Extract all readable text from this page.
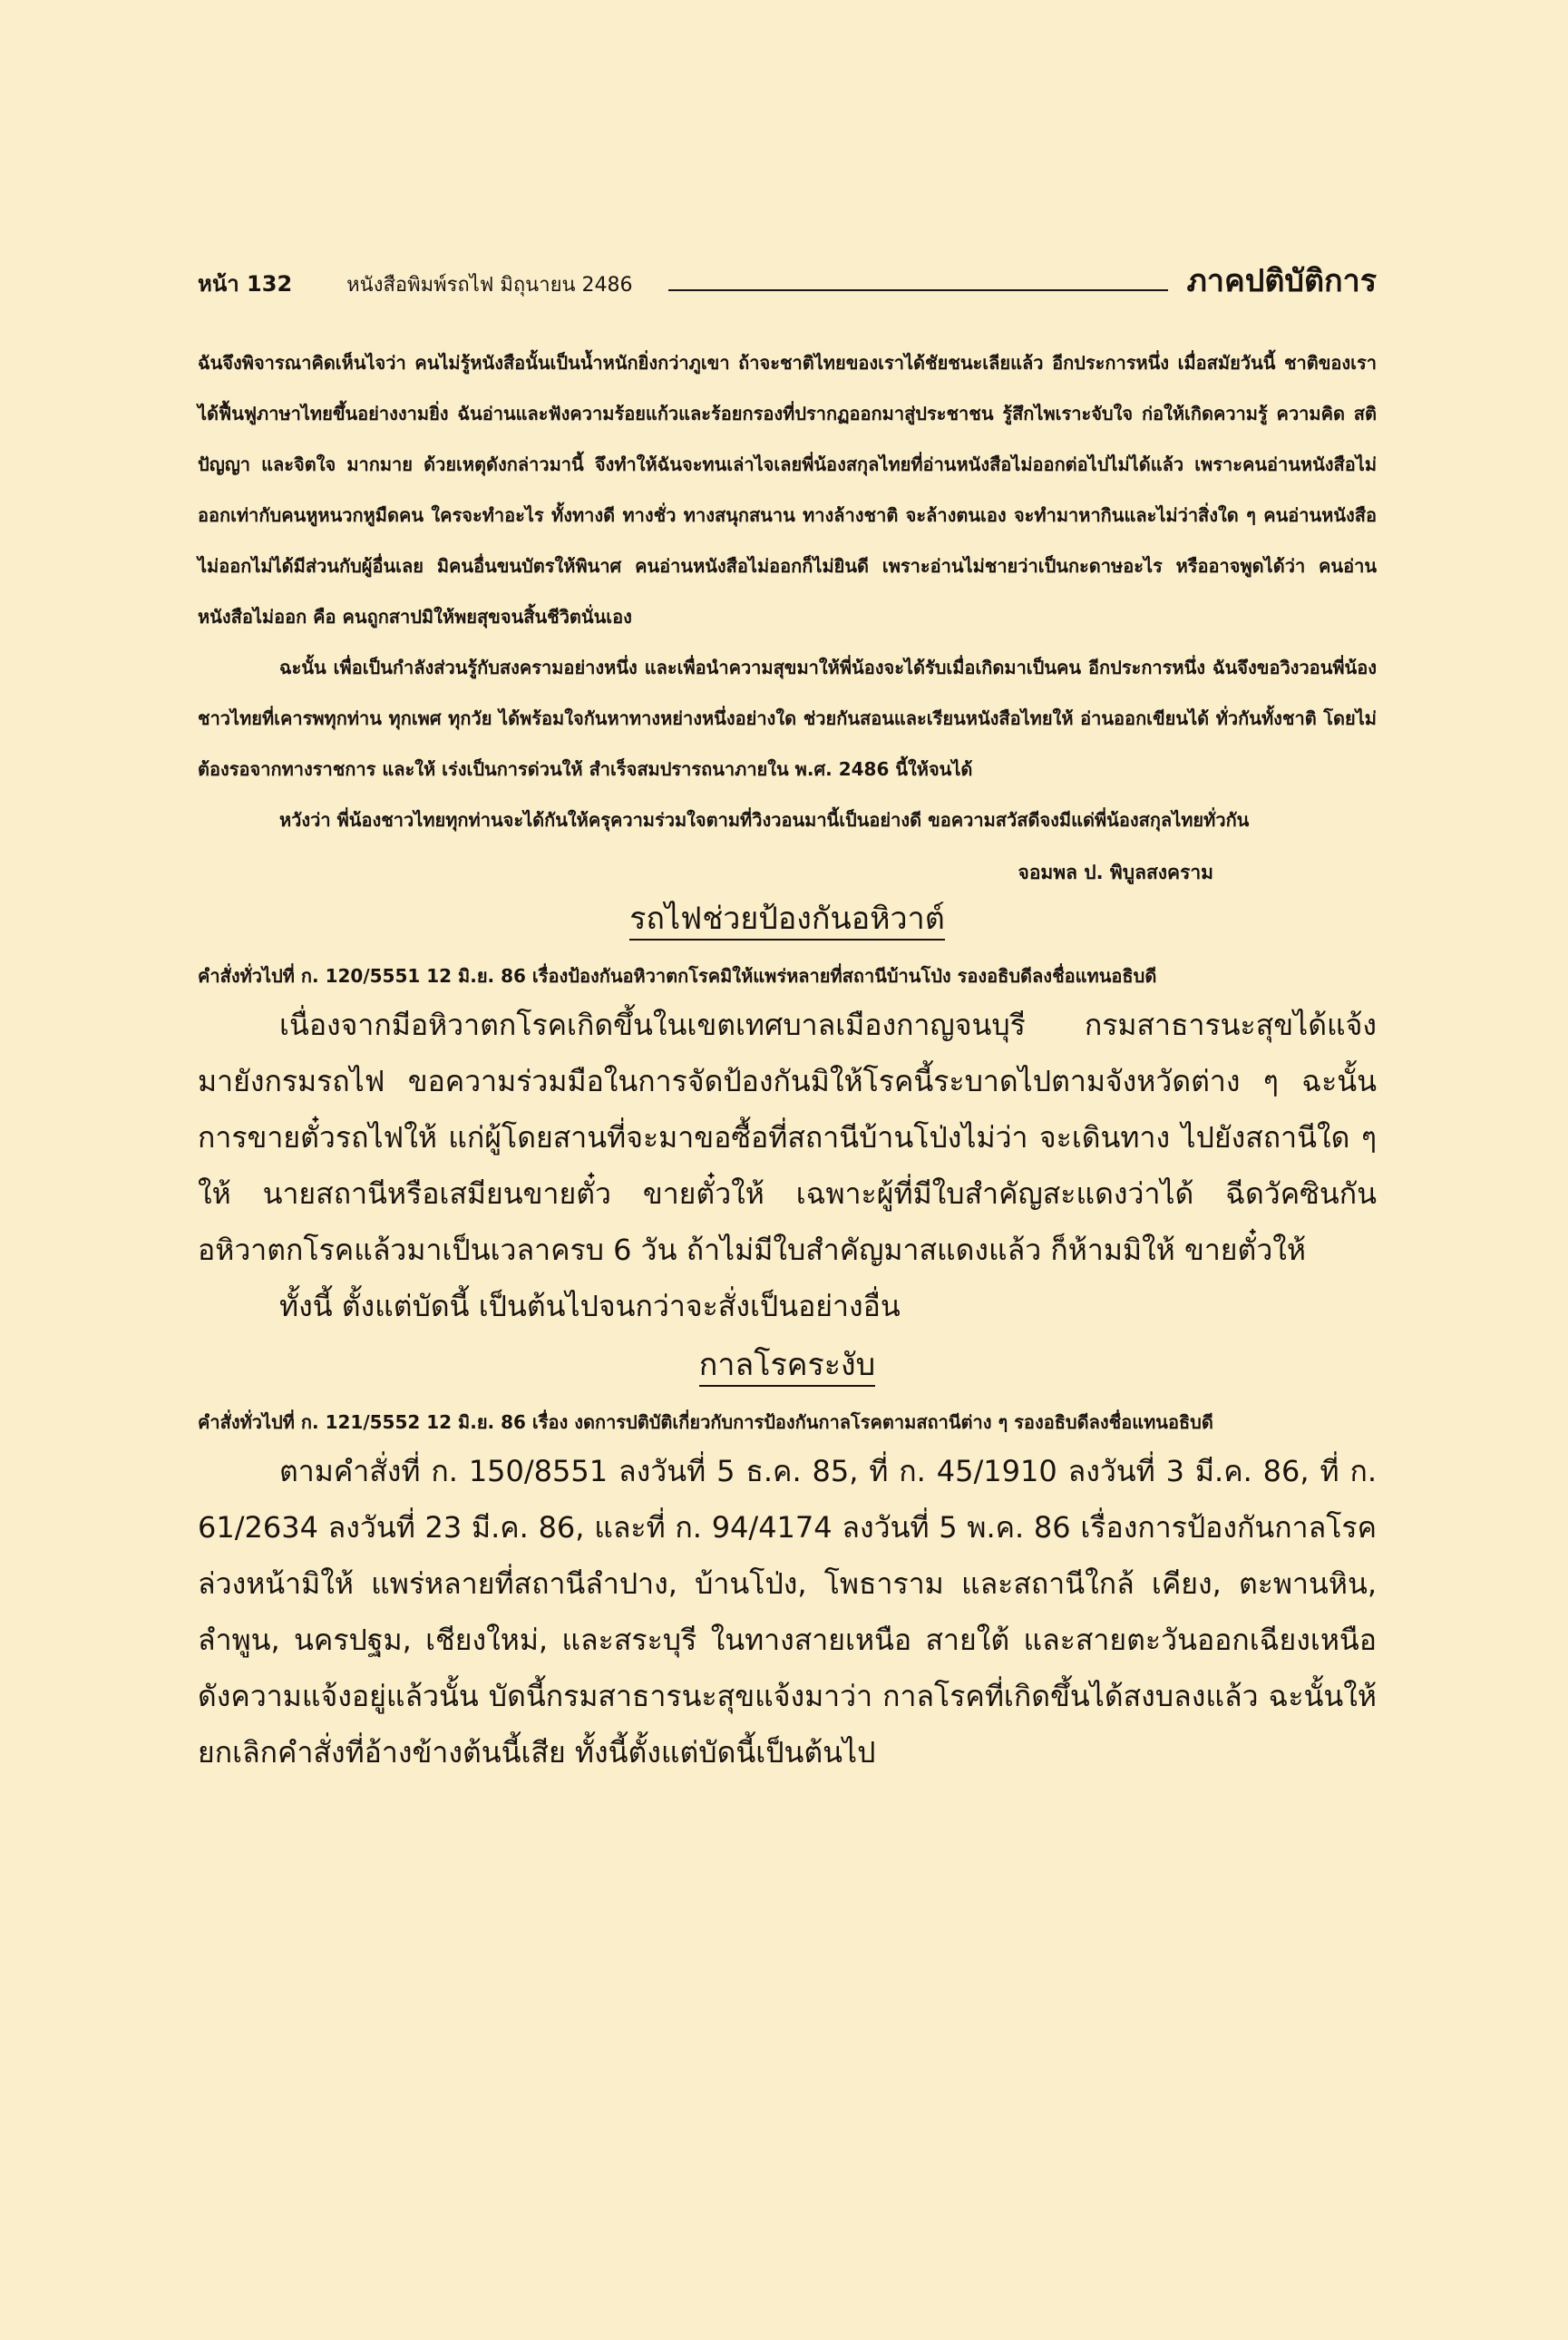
หน้า 132	หนังสือพิมพ์รถไฟ มิถุนายน 2486	ภาคปติบัติการ

ฉันจึงพิจารณาคิดเห็นไจว่า คนไม่รู้หนังสือนั้นเป็นน้ำหนักยิ่งกว่าภูเขา ถ้าจะชาติไทยของเราได้ชัยชนะเลียแล้ว อีกประการหนึ่ง เมื่อสมัยวันนี้ ชาติของเราได้ฟื้นฟูภาษาไทยขึ้นอย่างงามยิ่ง ฉันอ่านและฟังความร้อยแก้วและร้อยกรองที่ปรากฏออกมาสู่ประชาชน รู้สึกไพเราะจับใจ ก่อให้เกิดความรู้ ความคิด สติปัญญา และจิตใจ มากมาย ด้วยเหตุดังกล่าวมานี้ จึงทำให้ฉันจะทนเล่าไจเลยพี่น้องสกุลไทยที่อ่านหนังสือไม่ออกต่อไปไม่ได้แล้ว เพราะคนอ่านหนังสือไม่ออกเท่ากับคนหูหนวกหูมืดคน ใครจะทำอะไร ทั้งทางดี ทางชั่ว ทางสนุกสนาน ทางล้างชาติ จะล้างตนเอง จะทำมาหากินและไม่ว่าสิ่งใด ๆ คนอ่านหนังสือไม่ออกไม่ได้มีส่วนกับผู้อื่นเลย มิคนอื่นขนบัตรให้พินาศ คนอ่านหนังสือไม่ออกก็ไม่ยินดี เพราะอ่านไม่ชายว่าเป็นกะดาษอะไร หรืออาจพูดได้ว่า คนอ่านหนังสือไม่ออก คือ คนถูกสาปมิให้พยสุขจนสิ้นชีวิตนั่นเอง

ฉะนั้น เพื่อเป็นกำลังส่วนรู้กับสงครามอย่างหนึ่ง และเพื่อนำความสุขมาให้พี่น้องจะได้รับเมื่อเกิดมาเป็นคน อีกประการหนึ่ง ฉันจึงขอวิงวอนพี่น้องชาวไทยที่เคารพทุกท่าน ทุกเพศ ทุกวัย ได้พร้อมใจกันหาทางหย่างหนึ่งอย่างใด ช่วยกันสอนและเรียนหนังสือไทยให้ อ่านออกเขียนได้ ทั่วกันทั้งชาติ โดยไม่ต้องรอจากทางราชการ และให้ เร่งเป็นการด่วนให้ สำเร็จสมปรารถนาภายใน พ.ศ. 2486 นี้ให้จนได้

หวังว่า พี่น้องชาวไทยทุกท่านจะได้กันให้ครุความร่วมใจตามที่วิงวอนมานี้เป็นอย่างดี ขอความสวัสดีจงมีแด่พี่น้องสกุลไทยทั่วกัน

จอมพล ป. พิบูลสงคราม

รถไฟช่วยป้องกันอหิวาต์

คำสั่งทั่วไปที่ ก. 120/5551 12 มิ.ย. 86 เรื่องป้องกันอหิวาตกโรคมิให้แพร่หลายที่สถานีบ้านโป่ง รองอธิบดีลงชื่อแทนอธิบดี

เนื่องจากมีอหิวาตกโรคเกิดขึ้นในเขตเทศบาลเมืองกาญจนบุรี กรมสาธารนะสุขได้แจ้งมายังกรมรถไฟ ขอความร่วมมือในการจัดป้องกันมิให้โรคนี้ระบาดไปตามจังหวัดต่าง ๆ ฉะนั้นการขายตั๋วรถไฟให้ แก่ผู้โดยสานที่จะมาขอซื้อที่สถานีบ้านโป่งไม่ว่า จะเดินทาง ไปยังสถานีใด ๆ ให้ นายสถานีหรือเสมียนขายตั๋ว ขายตั๋วให้ เฉพาะผู้ที่มีใบสำคัญสะแดงว่าได้ ฉีดวัคซินกันอหิวาตกโรคแล้วมาเป็นเวลาครบ 6 วัน ถ้าไม่มีใบสำคัญมาสแดงแล้ว ก็ห้ามมิให้ ขายตั๋วให้

ทั้งนี้ ตั้งแต่บัดนี้ เป็นต้นไปจนกว่าจะสั่งเป็นอย่างอื่น

กาลโรคระงับ

คำสั่งทั่วไปที่ ก. 121/5552 12 มิ.ย. 86 เรื่อง งดการปติบัติเกี่ยวกับการป้องกันกาลโรคตามสถานีต่าง ๆ รองอธิบดีลงชื่อแทนอธิบดี

ตามคำสั่งที่ ก. 150/8551 ลงวันที่ 5 ธ.ค. 85, ที่ ก. 45/1910 ลงวันที่ 3 มี.ค. 86, ที่ ก. 61/2634 ลงวันที่ 23 มี.ค. 86, และที่ ก. 94/4174 ลงวันที่ 5 พ.ค. 86 เรื่องการป้องกันกาลโรคล่วงหน้ามิให้ แพร่หลายที่สถานีลำปาง, บ้านโป่ง, โพธาราม และสถานีใกล้ เคียง, ตะพานหิน, ลำพูน, นครปฐม, เชียงใหม่, และสระบุรี ในทางสายเหนือ สายใต้ และสายตะวันออกเฉียงเหนือ ดังความแจ้งอยู่แล้วนั้น บัดนี้กรมสาธารนะสุขแจ้งมาว่า กาลโรคที่เกิดขึ้นได้สงบลงแล้ว ฉะนั้นให้ยกเลิกคำสั่งที่อ้างข้างต้นนี้เสีย ทั้งนี้ตั้งแต่บัดนี้เป็นต้นไป
